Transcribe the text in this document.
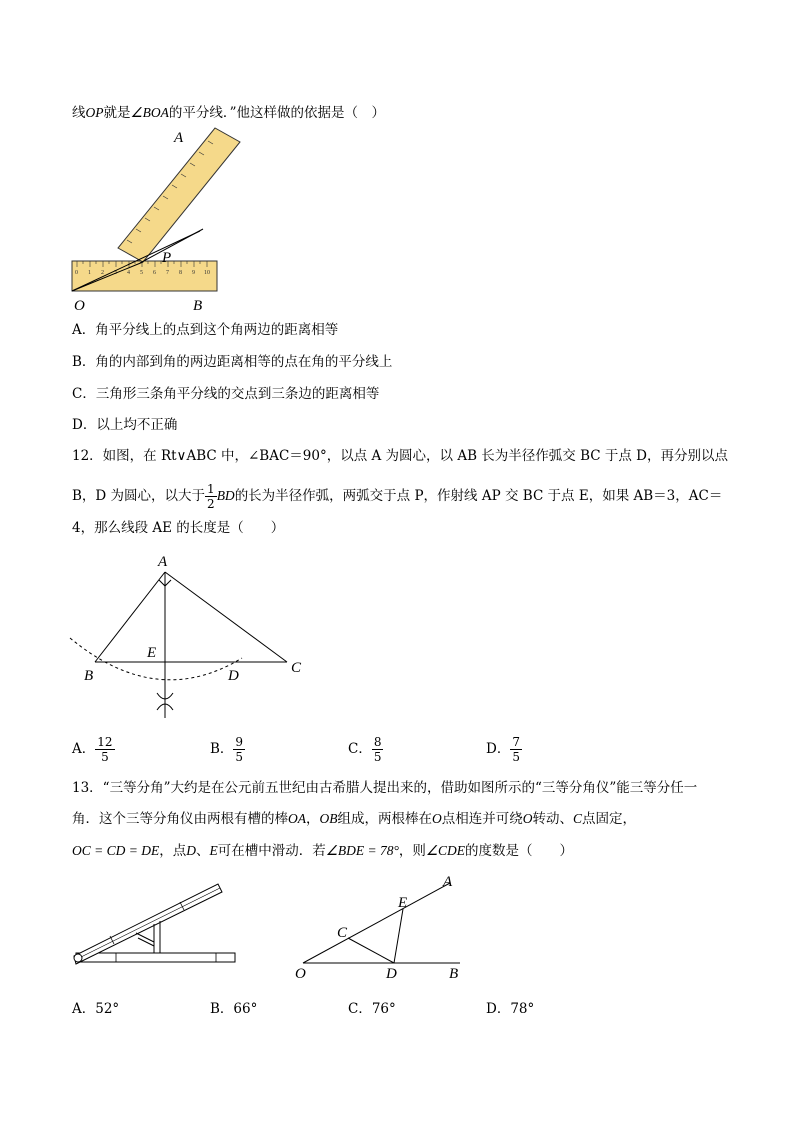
线OP就是∠BOA的平分线．”他这样做的依据是（　）
0 1 2	4 5 6 7 8 9 10
A
P
O	B
A．角平分线上的点到这个角两边的距离相等
B．角的内部到角的两边距离相等的点在角的平分线上
C．三角形三条角平分线的交点到三条边的距离相等
D．以上均不正确
12．如图，在 Rt∨ABC 中，∠BAC＝90°，以点 A 为圆心，以 AB 长为半径作弧交 BC 于点 D，再分别以点
B，D 为圆心，以大于 $\frac{1}{2}$ BD的长为半径作弧，两弧交于点 P，作射线 AP 交 BC 于点 E，如果 AB＝3，AC＝
4，那么线段 AE 的长度是（　　）
A
E
B	D	C
A． $\frac{12}{5}$	B． $\frac{9}{5}$	C． $\frac{8}{5}$	D． $\frac{7}{5}$
13．“三等分角”大约是在公元前五世纪由古希腊人提出来的，借助如图所示的“三等分角仪”能三等分任一
角．这个三等分角仪由两根有槽的棒OA，OB组成，两根棒在O点相连并可绕O转动、C点固定，
OC = CD = DE，点D、E可在槽中滑动．若∠BDE = 78°，则∠CDE的度数是（　　）
A
E
C
O	D	B
A．52°	B．66°	C．76°	D．78°
